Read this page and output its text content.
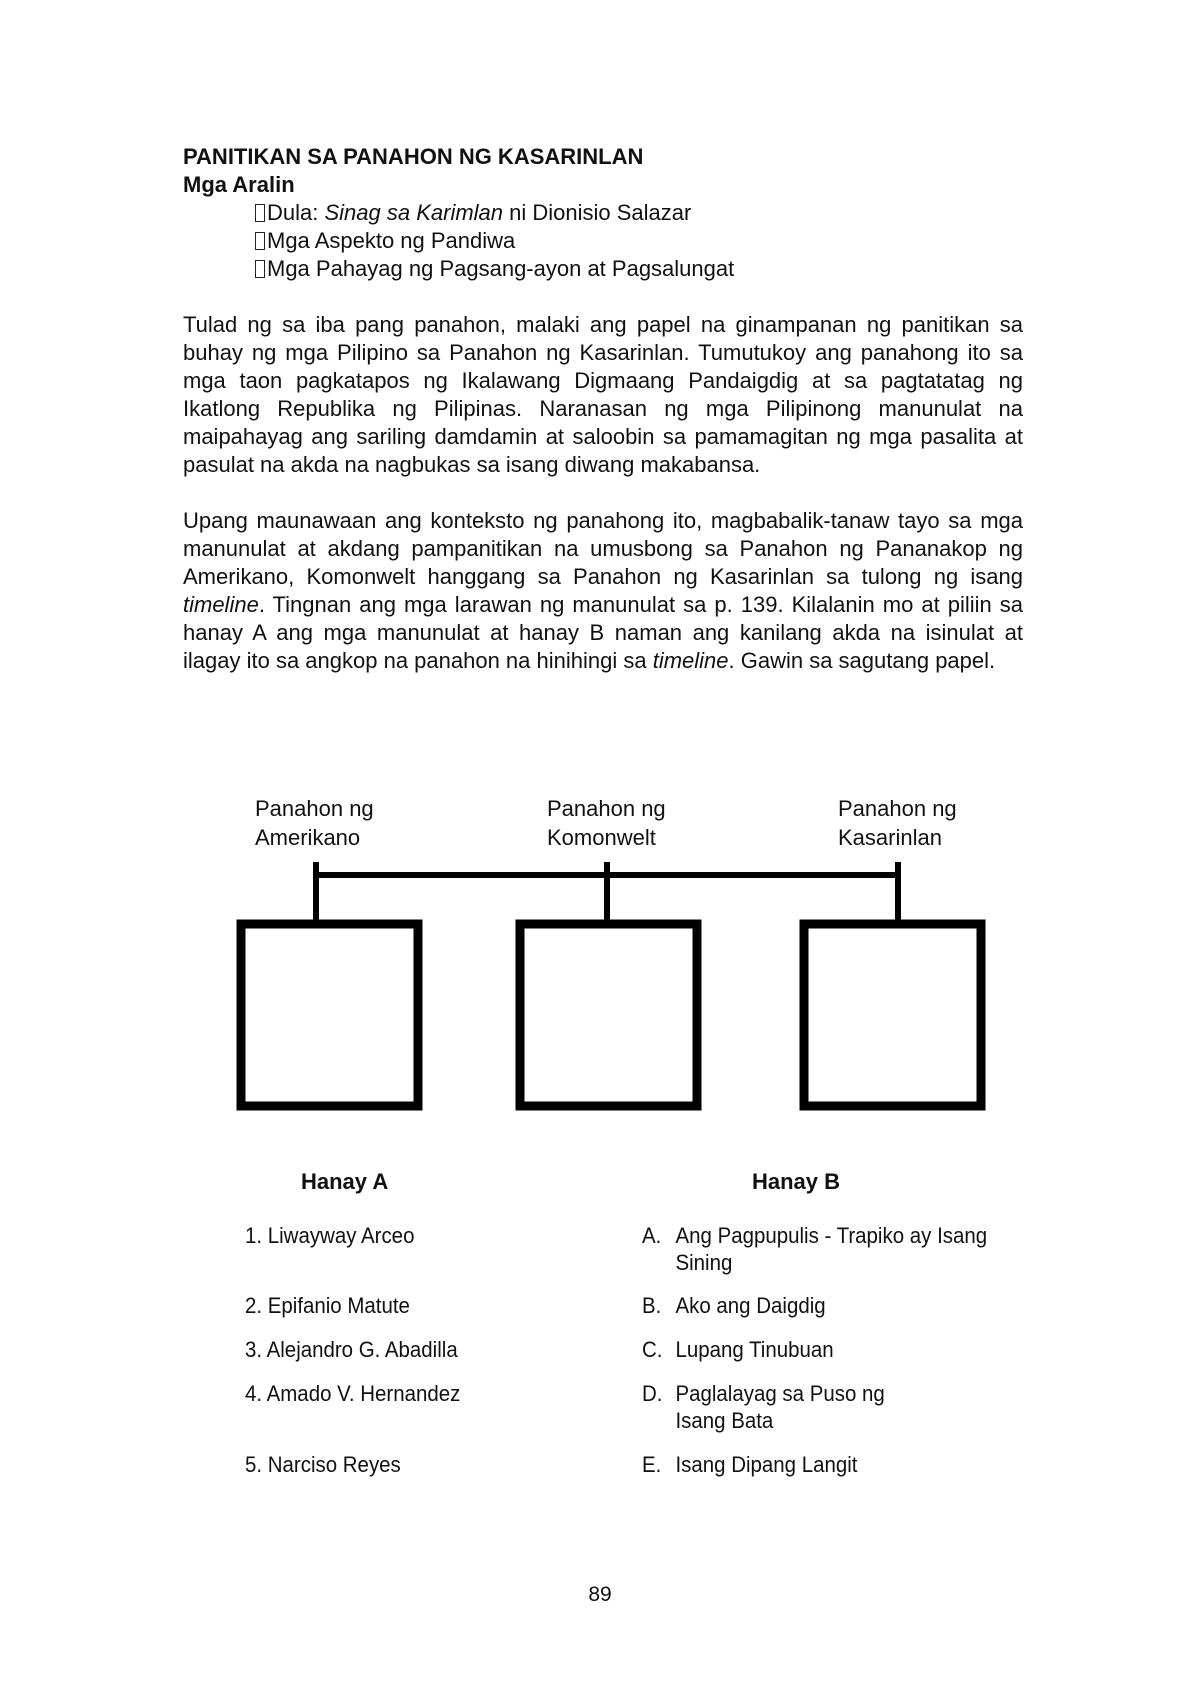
PANITIKAN SA PANAHON NG KASARINLAN

Mga Aralin

Dula: Sinag sa Karimlan ni Dionisio Salazar
Mga Aspekto ng Pandiwa
Mga Pahayag ng Pagsang-ayon at Pagsalungat

Tulad ng sa iba pang panahon, malaki ang papel na ginampanan ng panitikan sa buhay ng mga Pilipino sa Panahon ng Kasarinlan. Tumutukoy ang panahong ito sa mga taon pagkatapos ng Ikalawang Digmaang Pandaigdig at sa pagtatatag ng Ikatlong Republika ng Pilipinas. Naranasan ng mga Pilipinong manunulat na maipahayag ang sariling damdamin at saloobin sa pamamagitan ng mga pasalita at pasulat na akda na nagbukas sa isang diwang makabansa.

Upang maunawaan ang konteksto ng panahong ito, magbabalik-tanaw tayo sa mga manunulat at akdang pampanitikan na umusbong sa Panahon ng Pananakop ng Amerikano, Komonwelt hanggang sa Panahon ng Kasarinlan sa tulong ng isang timeline. Tingnan ang mga larawan ng manunulat sa p. 139. Kilalanin mo at piliin sa hanay A ang mga manunulat at hanay B naman ang kanilang akda na isinulat at ilagay ito sa angkop na panahon na hinihingi sa timeline. Gawin sa sagutang papel.

Panahon ng
Amerikano
Panahon ng
Komonwelt
Panahon ng
Kasarinlan
Hanay A	Hanay B
1. Liwayway Arceo
2. Epifanio Matute
3. Alejandro G. Abadilla
4. Amado V. Hernandez
5. Narciso Reyes
A. Ang Pagpupulis - Trapiko ay Isang Sining
B. Ako ang Daigdig
C. Lupang Tinubuan
D. Paglalayag sa Puso ng Isang Bata
E. Isang Dipang Langit
89
